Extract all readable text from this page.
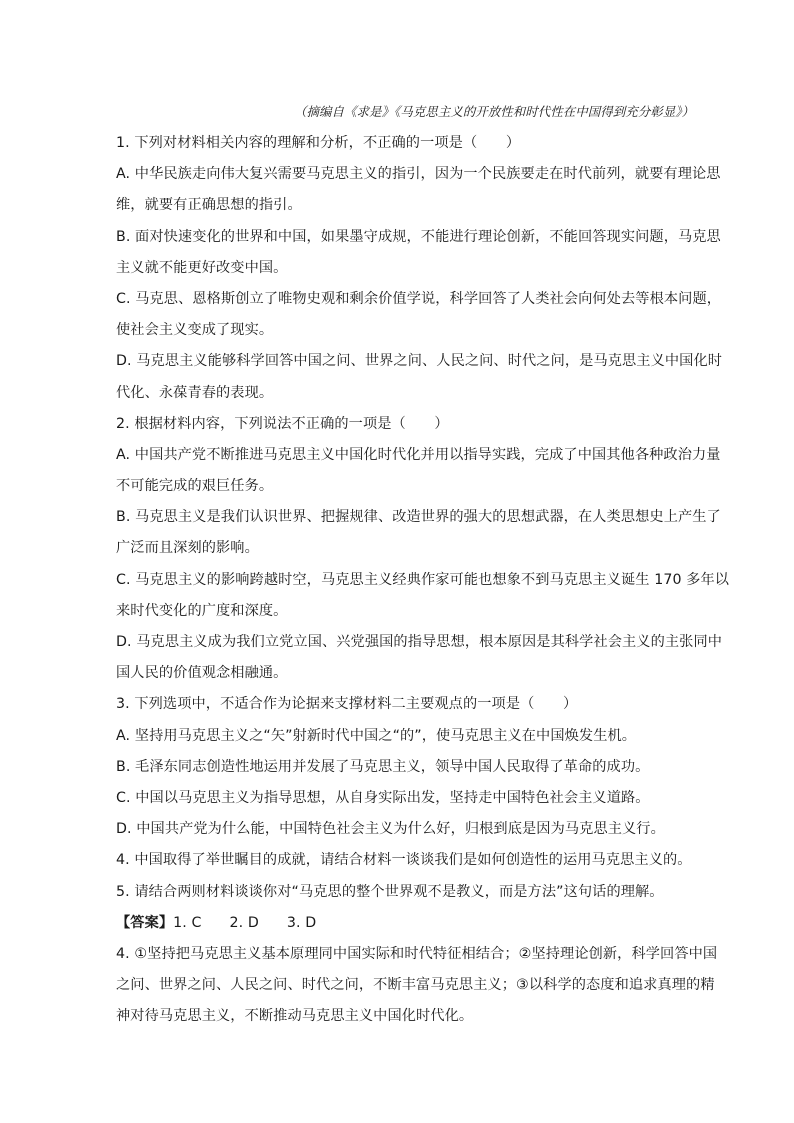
（摘编自《求是》《马克思主义的开放性和时代性在中国得到充分彰显》）
1. 下列对材料相关内容的理解和分析，不正确的一项是（　　）
A. 中华民族走向伟大复兴需要马克思主义的指引，因为一个民族要走在时代前列，就要有理论思
维，就要有正确思想的指引。
B. 面对快速变化的世界和中国，如果墨守成规，不能进行理论创新，不能回答现实问题，马克思
主义就不能更好改变中国。
C. 马克思、恩格斯创立了唯物史观和剩余价值学说，科学回答了人类社会向何处去等根本问题，
使社会主义变成了现实。
D. 马克思主义能够科学回答中国之问、世界之问、人民之问、时代之问，是马克思主义中国化时
代化、永葆青春的表现。
2. 根据材料内容，下列说法不正确的一项是（　　）
A. 中国共产党不断推进马克思主义中国化时代化并用以指导实践，完成了中国其他各种政治力量
不可能完成的艰巨任务。
B. 马克思主义是我们认识世界、把握规律、改造世界的强大的思想武器，在人类思想史上产生了
广泛而且深刻的影响。
C. 马克思主义的影响跨越时空，马克思主义经典作家可能也想象不到马克思主义诞生 170 多年以
来时代变化的广度和深度。
D. 马克思主义成为我们立党立国、兴党强国的指导思想，根本原因是其科学社会主义的主张同中
国人民的价值观念相融通。
3. 下列选项中，不适合作为论据来支撑材料二主要观点的一项是（　　）
A. 坚持用马克思主义之“矢”射新时代中国之“的”，使马克思主义在中国焕发生机。
B. 毛泽东同志创造性地运用并发展了马克思主义，领导中国人民取得了革命的成功。
C. 中国以马克思主义为指导思想，从自身实际出发，坚持走中国特色社会主义道路。
D. 中国共产党为什么能，中国特色社会主义为什么好，归根到底是因为马克思主义行。
4. 中国取得了举世瞩目的成就，请结合材料一谈谈我们是如何创造性的运用马克思主义的。
5. 请结合两则材料谈谈你对“马克思的整个世界观不是教义，而是方法”这句话的理解。
【答案】1. C 2. D 3. D
4. ①坚持把马克思主义基本原理同中国实际和时代特征相结合；②坚持理论创新，科学回答中国
之问、世界之问、人民之问、时代之问，不断丰富马克思主义；③以科学的态度和追求真理的精
神对待马克思主义，不断推动马克思主义中国化时代化。
